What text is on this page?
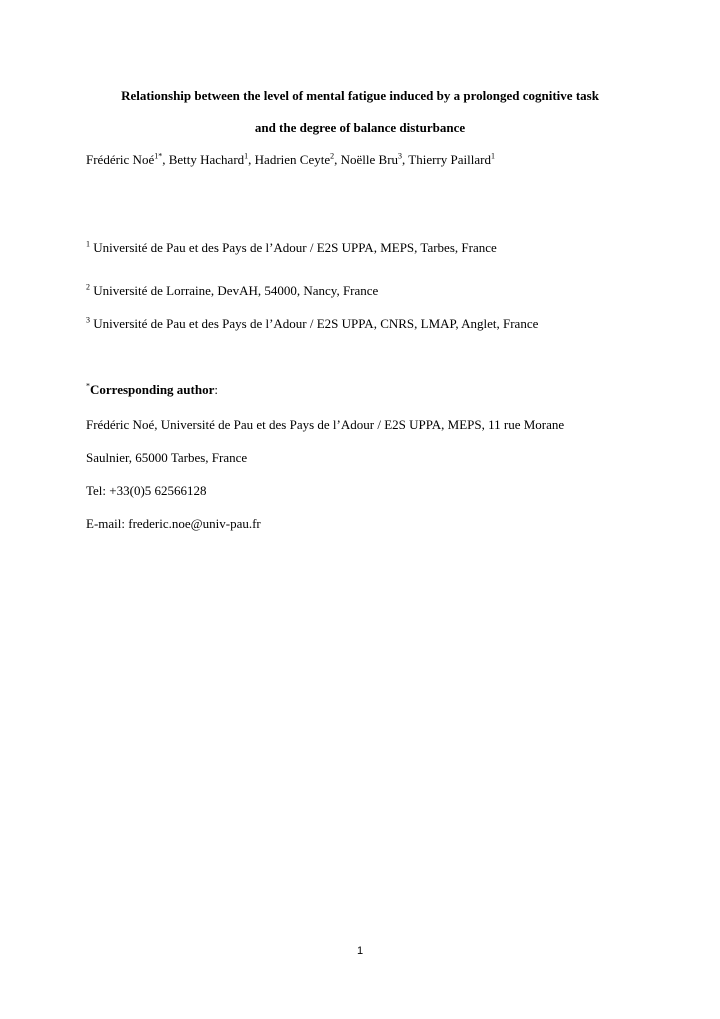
Relationship between the level of mental fatigue induced by a prolonged cognitive task
and the degree of balance disturbance
Frédéric Noé$^{1*}$, Betty Hachard$^1$, Hadrien Ceyte$^2$, Noëlle Bru$^3$, Thierry Paillard$^1$
$^1$ Université de Pau et des Pays de l’Adour / E2S UPPA, MEPS, Tarbes, France
$^2$ Université de Lorraine, DevAH, 54000, Nancy, France
$^3$ Université de Pau et des Pays de l’Adour / E2S UPPA, CNRS, LMAP, Anglet, France
*Corresponding author:
Frédéric Noé, Université de Pau et des Pays de l’Adour / E2S UPPA, MEPS, 11 rue Morane
Saulnier, 65000 Tarbes, France
Tel: +33(0)5 62566128
E-mail: frederic.noe@univ-pau.fr
1
